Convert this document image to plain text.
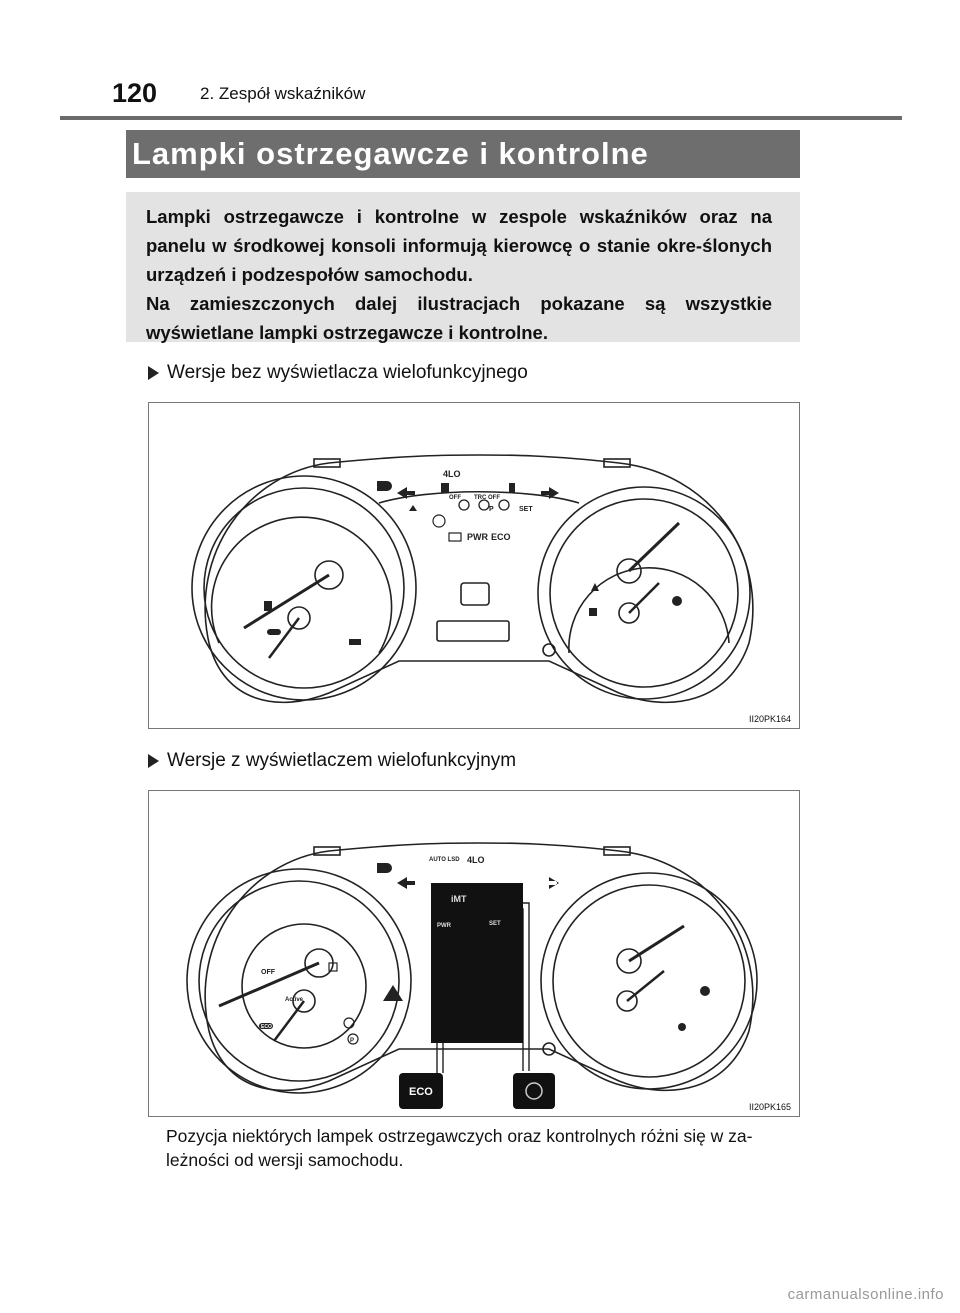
120	2. Zespół wskaźników
Lampki ostrzegawcze i kontrolne

Lampki ostrzegawcze i kontrolne w zespole wskaźników oraz na panelu w środkowej konsoli informują kierowcę o stanie okre-ślonych urządzeń i podzespołów samochodu.

Na zamieszczonych dalej ilustracjach pokazane są wszystkie wyświetlane lampki ostrzegawcze i kontrolne.

Wersje bez wyświetlacza wielofunkcyjnego
4LO
OFF TRC OFF
SET
P
PWR ECO
ECO
II20PK164
Wersje z wyświetlaczem wielofunkcyjnym
iMT
PWR	SET
AUTO LSD 4LO
OFF
Active
ECO
P
ECO
II20PK165
Pozycja niektórych lampek ostrzegawczych oraz kontrolnych różni się w za-leżności od wersji samochodu.
carmanualsonline.info
